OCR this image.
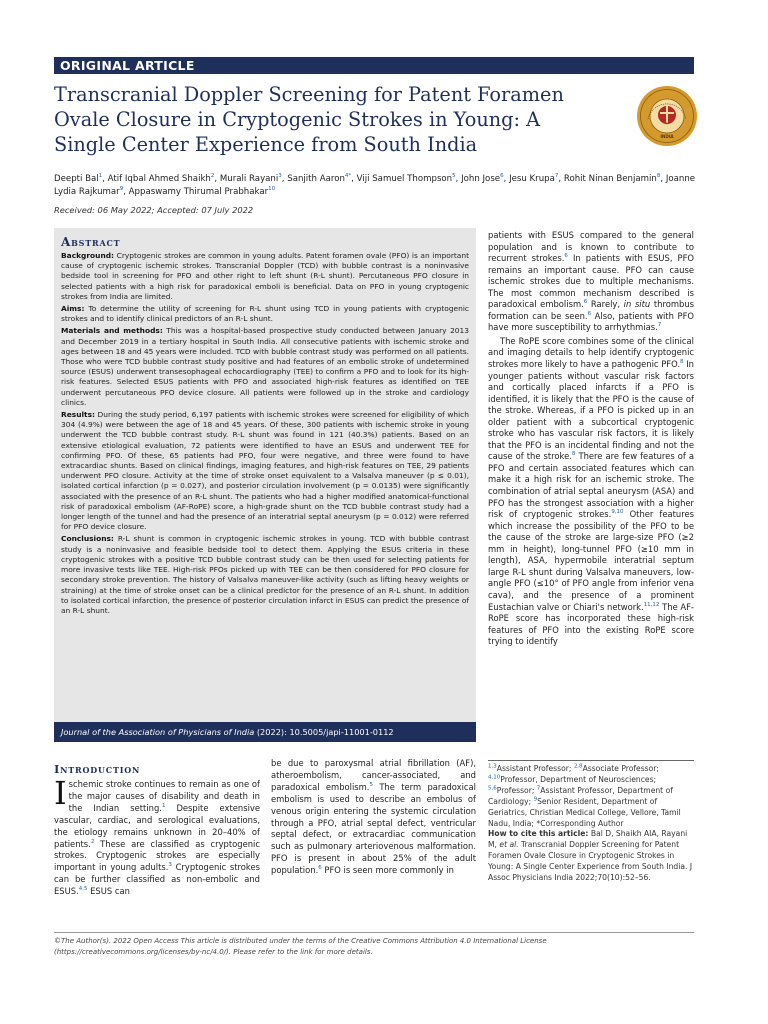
ORIGINAL ARTICLE
Transcranial Doppler Screening for Patent Foramen Ovale Closure in Cryptogenic Strokes in Young: A Single Center Experience from South India	INDIA
Deepti Bal$^1$, Atif Iqbal Ahmed Shaikh$^2$, Murali Rayani$^3$, Sanjith Aaron$^{4*}$, Viji Samuel Thompson$^5$, John Jose$^6$, Jesu Krupa$^7$, Rohit Ninan Benjamin$^8$, Joanne Lydia Rajkumar$^9$, Appaswamy Thirumal Prabhakar$^{10}$
Received: 06 May 2022; Accepted: 07 July 2022
Abstract

Background: Cryptogenic strokes are common in young adults. Patent foramen ovale (PFO) is an important cause of cryptogenic ischemic strokes. Transcranial Doppler (TCD) with bubble contrast is a noninvasive bedside tool in screening for PFO and other right to left shunt (R-L shunt). Percutaneous PFO closure in selected patients with a high risk for paradoxical emboli is beneficial. Data on PFO in young cryptogenic strokes from India are limited.

Aims: To determine the utility of screening for R-L shunt using TCD in young patients with cryptogenic strokes and to identify clinical predictors of an R-L shunt.

Materials and methods: This was a hospital-based prospective study conducted between January 2013 and December 2019 in a tertiary hospital in South India. All consecutive patients with ischemic stroke and ages between 18 and 45 years were included. TCD with bubble contrast study was performed on all patients. Those who were TCD bubble contrast study positive and had features of an embolic stroke of undetermined source (ESUS) underwent transesophageal echocardiography (TEE) to confirm a PFO and to look for its high-risk features. Selected ESUS patients with PFO and associated high-risk features as identified on TEE underwent percutaneous PFO device closure. All patients were followed up in the stroke and cardiology clinics.

Results: During the study period, 6,197 patients with ischemic strokes were screened for eligibility of which 304 (4.9%) were between the age of 18 and 45 years. Of these, 300 patients with ischemic stroke in young underwent the TCD bubble contrast study. R-L shunt was found in 121 (40.3%) patients. Based on an extensive etiological evaluation, 72 patients were identified to have an ESUS and underwent TEE for confirming PFO. Of these, 65 patients had PFO, four were negative, and three were found to have extracardiac shunts. Based on clinical findings, imaging features, and high-risk features on TEE, 29 patients underwent PFO closure. Activity at the time of stroke onset equivalent to a Valsalva maneuver (p ≤ 0.01), isolated cortical infarction (p = 0.027), and posterior circulation involvement (p = 0.0135) were significantly associated with the presence of an R-L shunt. The patients who had a higher modified anatomical-functional risk of paradoxical embolism (AF-RoPE) score, a high-grade shunt on the TCD bubble contrast study had a longer length of the tunnel and had the presence of an interatrial septal aneurysm (p = 0.012) were referred for PFO device closure.

Conclusions: R-L shunt is common in cryptogenic ischemic strokes in young. TCD with bubble contrast study is a noninvasive and feasible bedside tool to detect them. Applying the ESUS criteria in these cryptogenic strokes with a positive TCD bubble contrast study can be then used for selecting patients for more invasive tests like TEE. High-risk PFOs picked up with TEE can be then considered for PFO closure for secondary stroke prevention. The history of Valsalva maneuver-like activity (such as lifting heavy weights or straining) at the time of stroke onset can be a clinical predictor for the presence of an R-L shunt. In addition to isolated cortical infarction, the presence of posterior circulation infarct in ESUS can predict the presence of an R-L shunt.

Journal of the Association of Physicians of India (2022): 10.5005/japi-11001-0112

patients with ESUS compared to the general population and is known to contribute to recurrent strokes.$^6$ In patients with ESUS, PFO remains an important cause. PFO can cause ischemic strokes due to multiple mechanisms. The most common mechanism described is paradoxical embolism.$^6$ Rarely, in situ thrombus formation can be seen.$^6$ Also, patients with PFO have more susceptibility to arrhythmias.$^7$

The RoPE score combines some of the clinical and imaging details to help identify cryptogenic strokes more likely to have a pathogenic PFO.$^8$ In younger patients without vascular risk factors and cortically placed infarcts if a PFO is identified, it is likely that the PFO is the cause of the stroke. Whereas, if a PFO is picked up in an older patient with a subcortical cryptogenic stroke who has vascular risk factors, it is likely that the PFO is an incidental finding and not the cause of the stroke.$^8$ There are few features of a PFO and certain associated features which can make it a high risk for an ischemic stroke. The combination of atrial septal aneurysm (ASA) and PFO has the strongest association with a higher risk of cryptogenic strokes.$^{9,10}$ Other features which increase the possibility of the PFO to be the cause of the stroke are large-size PFO (≥2 mm in height), long-tunnel PFO (≥10 mm in length), ASA, hypermobile interatrial septum large R-L shunt during Valsalva maneuvers, low-angle PFO (≤10° of PFO angle from inferior vena cava), and the presence of a prominent Eustachian valve or Chiari's network.$^{11,12}$ The AF-RoPE score has incorporated these high-risk features of PFO into the existing RoPE score trying to identify

Introduction
Ischemic stroke continues to remain as one of the major causes of disability and death in the Indian setting.$^1$ Despite extensive vascular, cardiac, and serological evaluations, the etiology remains unknown in 20–40% of patients.$^2$ These are classified as cryptogenic strokes. Cryptogenic strokes are especially important in young adults.$^3$ Cryptogenic strokes can be further classified as non-embolic and ESUS.$^{4,5}$ ESUS can
be due to paroxysmal atrial fibrillation (AF), atheroembolism, cancer-associated, and paradoxical embolism.$^5$ The term paradoxical embolism is used to describe an embolus of venous origin entering the systemic circulation through a PFO, atrial septal defect, ventricular septal defect, or extracardiac communication such as pulmonary arteriovenous malformation. PFO is present in about 25% of the adult population.$^6$ PFO is seen more commonly in

$^{1,3}$Assistant Professor; $^{2,8}$Associate Professor; $^{4,10}$Professor, Department of Neurosciences; $^{5,6}$Professor; $^7$Assistant Professor, Department of Cardiology; $^9$Senior Resident, Department of Geriatrics, Christian Medical College, Vellore, Tamil Nadu, India; *Corresponding Author

How to cite this article: Bal D, Shaikh AIA, Rayani M, et al. Transcranial Doppler Screening for Patent Foramen Ovale Closure in Cryptogenic Strokes in Young: A Single Center Experience from South India. J Assoc Physicians India 2022;70(10):52–56.

©The Author(s). 2022 Open Access This article is distributed under the terms of the Creative Commons Attribution 4.0 International License (https://creativecommons.org/licenses/by-nc/4.0/). Please refer to the link for more details.
